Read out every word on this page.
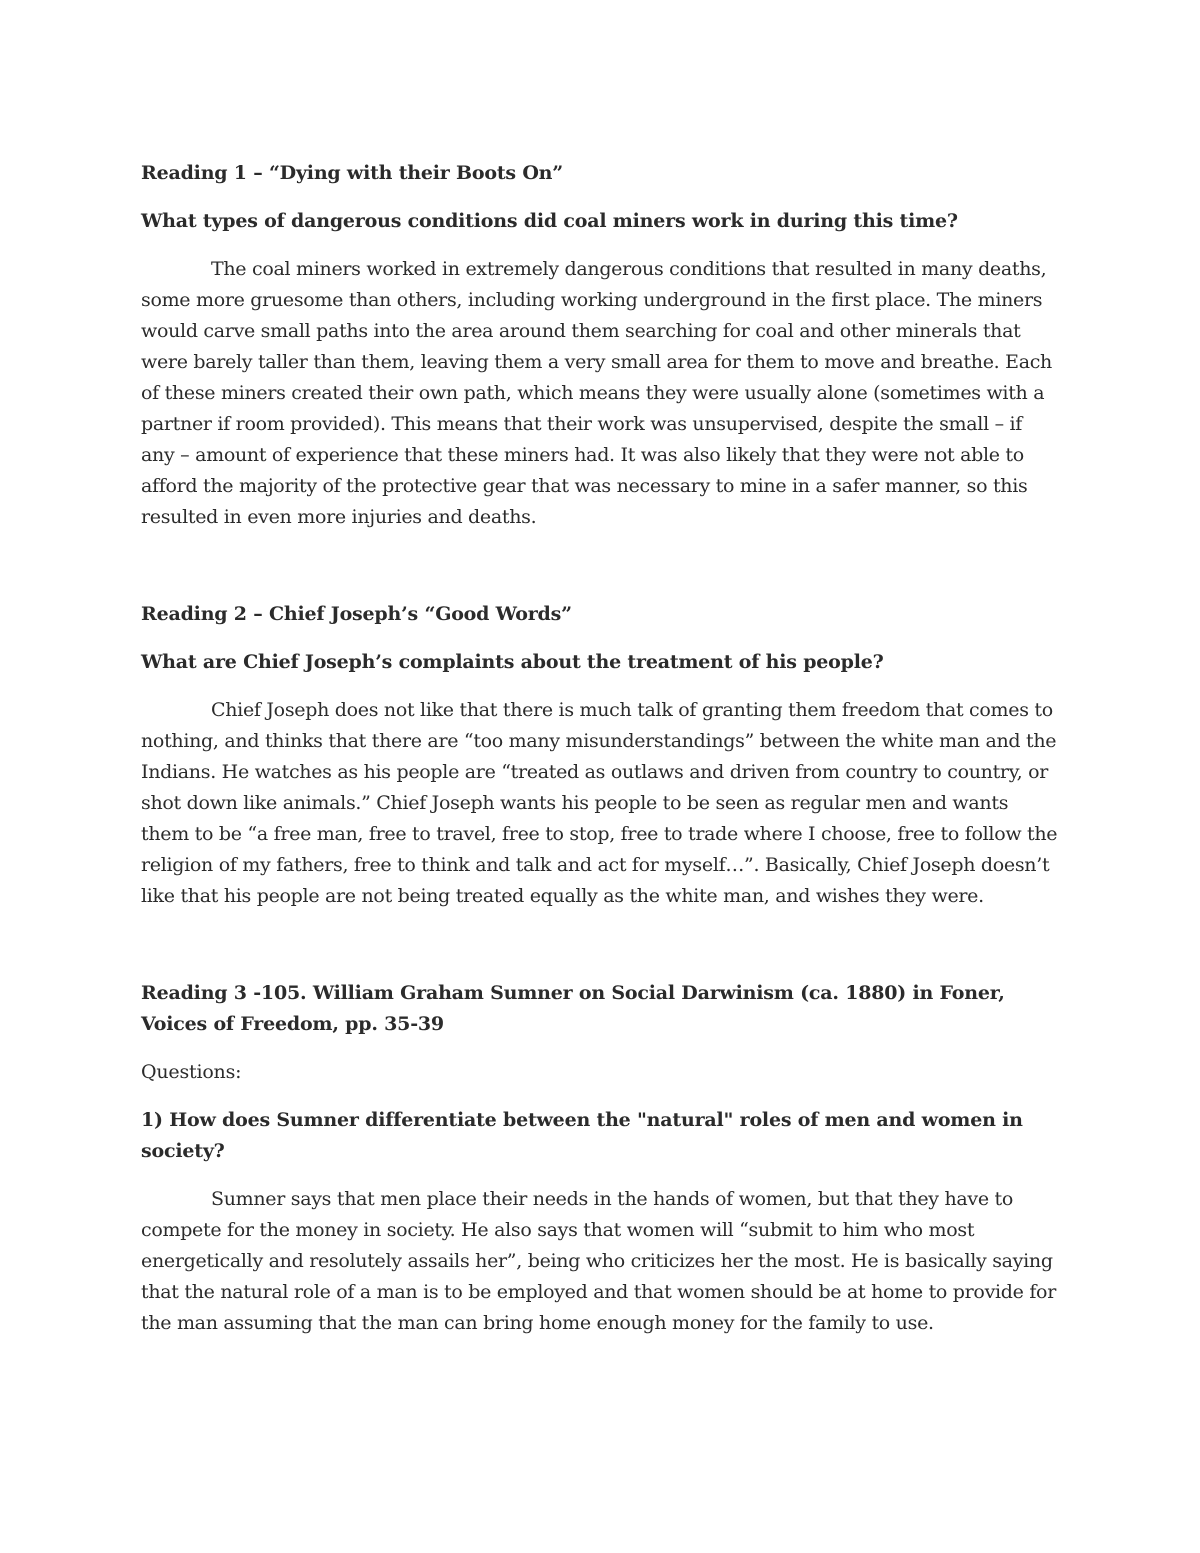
Reading 1 – “Dying with their Boots On”

What types of dangerous conditions did coal miners work in during this time?

The coal miners worked in extremely dangerous conditions that resulted in many deaths, some more gruesome than others, including working underground in the first place. The miners would carve small paths into the area around them searching for coal and other minerals that were barely taller than them, leaving them a very small area for them to move and breathe. Each of these miners created their own path, which means they were usually alone (sometimes with a partner if room provided). This means that their work was unsupervised, despite the small – if any – amount of experience that these miners had. It was also likely that they were not able to afford the majority of the protective gear that was necessary to mine in a safer manner, so this resulted in even more injuries and deaths.

Reading 2 – Chief Joseph’s “Good Words”

What are Chief Joseph’s complaints about the treatment of his people?

Chief Joseph does not like that there is much talk of granting them freedom that comes to nothing, and thinks that there are “too many misunderstandings” between the white man and the Indians. He watches as his people are “treated as outlaws and driven from country to country, or shot down like animals.” Chief Joseph wants his people to be seen as regular men and wants them to be “a free man, free to travel, free to stop, free to trade where I choose, free to follow the religion of my fathers, free to think and talk and act for myself…”. Basically, Chief Joseph doesn’t like that his people are not being treated equally as the white man, and wishes they were.

Reading 3 -105. William Graham Sumner on Social Darwinism (ca. 1880) in Foner, Voices of Freedom, pp. 35-39

Questions:

1) How does Sumner differentiate between the "natural" roles of men and women in society?

Sumner says that men place their needs in the hands of women, but that they have to compete for the money in society. He also says that women will “submit to him who most energetically and resolutely assails her”, being who criticizes her the most. He is basically saying that the natural role of a man is to be employed and that women should be at home to provide for the man assuming that the man can bring home enough money for the family to use.
